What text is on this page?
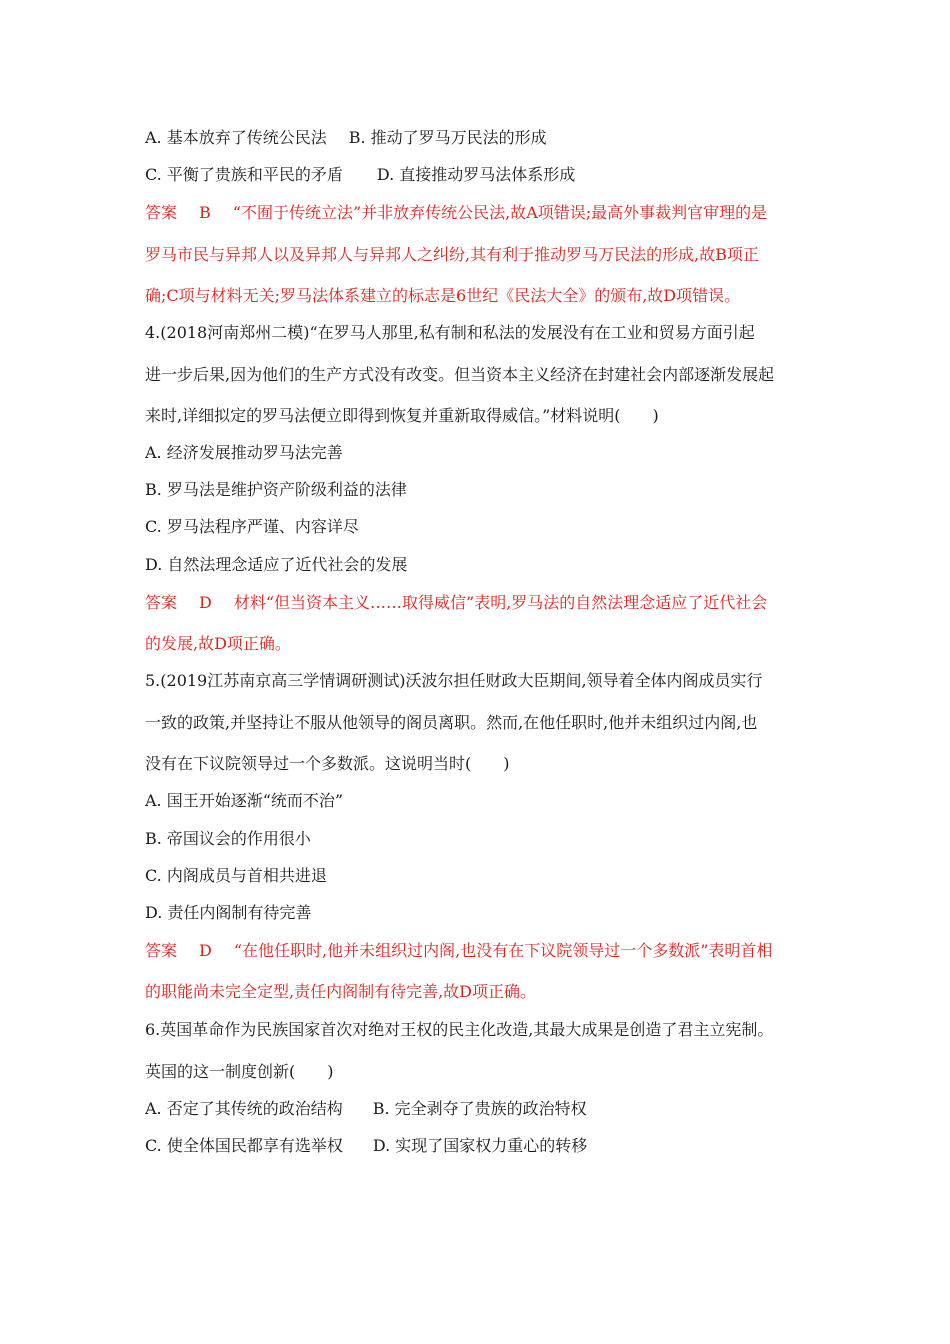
A. 基本放弃了传统公民法 B. 推动了罗马万民法的形成
C. 平衡了贵族和平民的矛盾 D. 直接推动罗马法体系形成
答案 B “不囿于传统立法”并非放弃传统公民法,故A项错误;最高外事裁判官审理的是
罗马市民与异邦人以及异邦人与异邦人之纠纷,其有利于推动罗马万民法的形成,故B项正
确;C项与材料无关;罗马法体系建立的标志是6世纪《民法大全》的颁布,故D项错误。
4.(2018河南郑州二模)“在罗马人那里,私有制和私法的发展没有在工业和贸易方面引起
进一步后果,因为他们的生产方式没有改变。但当资本主义经济在封建社会内部逐渐发展起
来时,详细拟定的罗马法便立即得到恢复并重新取得威信。”材料说明(　　)
A. 经济发展推动罗马法完善
B. 罗马法是维护资产阶级利益的法律
C. 罗马法程序严谨、内容详尽
D. 自然法理念适应了近代社会的发展
答案 D 材料“但当资本主义……取得威信”表明,罗马法的自然法理念适应了近代社会
的发展,故D项正确。
5.(2019江苏南京高三学情调研测试)沃波尔担任财政大臣期间,领导着全体内阁成员实行
一致的政策,并坚持让不服从他领导的阁员离职。然而,在他任职时,他并未组织过内阁,也
没有在下议院领导过一个多数派。这说明当时(　　)
A. 国王开始逐渐“统而不治”
B. 帝国议会的作用很小
C. 内阁成员与首相共进退
D. 责任内阁制有待完善
答案 D “在他任职时,他并未组织过内阁,也没有在下议院领导过一个多数派”表明首相
的职能尚未完全定型,责任内阁制有待完善,故D项正确。
6.英国革命作为民族国家首次对绝对王权的民主化改造,其最大成果是创造了君主立宪制。
英国的这一制度创新(　　)
A. 否定了其传统的政治结构 B. 完全剥夺了贵族的政治特权
C. 使全体国民都享有选举权 D. 实现了国家权力重心的转移
